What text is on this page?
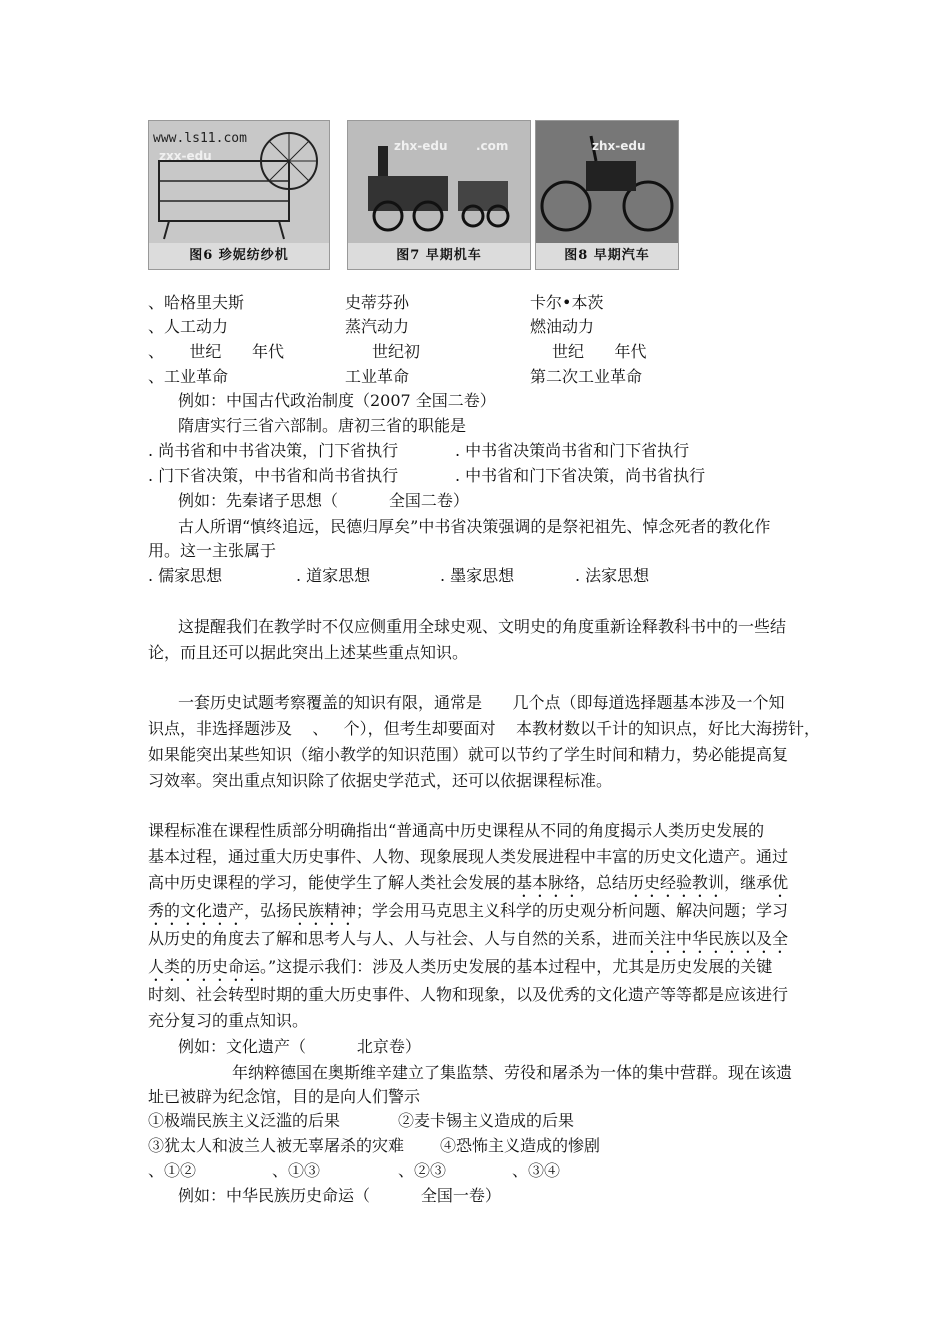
www.ls11.com
zxx-edu
图6 珍妮纺纱机
zhx-edu .com
图7 早期机车
zhx-edu
图8 早期汽车
、哈格里夫斯	史蒂芬孙	卡尔•本茨
、人工动力	蒸汽动力	燃油动力
、     世纪      年代	世纪初	世纪      年代
、工业革命	工业革命	第二次工业革命
例如：中国古代政治制度（2007 全国二卷）
隋唐实行三省六部制。唐初三省的职能是
. 尚书省和中书省决策，门下省执行	. 中书省决策尚书省和门下省执行
. 门下省决策，中书省和尚书省执行	. 中书省和门下省决策，尚书省执行
例如：先秦诸子思想（          全国二卷）
古人所谓“慎终追远，民德归厚矣”中书省决策强调的是祭祀祖先、悼念死者的教化作
用。这一主张属于
. 儒家思想	. 道家思想	. 墨家思想	. 法家思想
这提醒我们在教学时不仅应侧重用全球史观、文明史的角度重新诠释教科书中的一些结
论，而且还可以据此突出上述某些重点知识。
一套历史试题考察覆盖的知识有限，通常是      几个点（即每道选择题基本涉及一个知
识点，非选择题涉及    、   个），但考生却要面对    本教材数以千计的知识点，好比大海捞针，
如果能突出某些知识（缩小教学的知识范围）就可以节约了学生时间和精力，势必能提高复
习效率。突出重点知识除了依据史学范式，还可以依据课程标准。
课程标准在课程性质部分明确指出“普通高中历史课程从不同的角度揭示人类历史发展的
基本过程，通过重大历史事件、人物、现象展现人类发展进程中丰富的历史文化遗产。通过
高中历史课程的学习，能使学生了解人类社会发展的基本脉络，总结历史经验教训，继承优
秀的文化遗产，弘扬民族精神；学会用马克思主义科学的历史观分析问题、解决问题；学习
从历史的角度去了解和思考人与人、人与社会、人与自然的关系，进而关注中华民族以及全
人类的历史命运。”这提示我们：涉及人类历史发展的基本过程中，尤其是历史发展的关键
时刻、社会转型时期的重大历史事件、人物和现象，以及优秀的文化遗产等等都是应该进行
充分复习的重点知识。
例如：文化遗产（          北京卷）
年纳粹德国在奥斯维辛建立了集监禁、劳役和屠杀为一体的集中营群。现在该遗
址已被辟为纪念馆，目的是向人们警示
①极端民族主义泛滥的后果	②麦卡锡主义造成的后果
③犹太人和波兰人被无辜屠杀的灾难 ④恐怖主义造成的惨剧
、①②	、①③	、②③	、③④
例如：中华民族历史命运（          全国一卷）
